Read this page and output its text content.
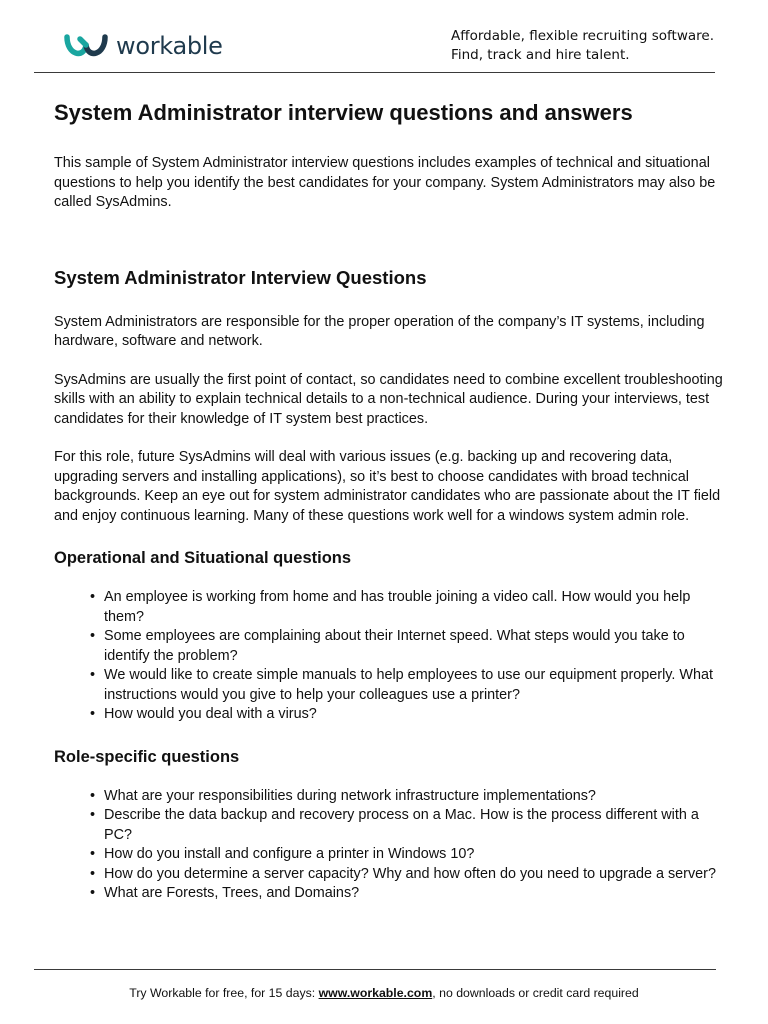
workable	Affordable, flexible recruiting software.
Find, track and hire talent.
System Administrator interview questions and answers

This sample of System Administrator interview questions includes examples of technical and situational questions to help you identify the best candidates for your company. System Administrators may also be called SysAdmins.

System Administrator Interview Questions

System Administrators are responsible for the proper operation of the company’s IT systems, including hardware, software and network.

SysAdmins are usually the first point of contact, so candidates need to combine excellent troubleshooting skills with an ability to explain technical details to a non-technical audience. During your interviews, test candidates for their knowledge of IT system best practices.

For this role, future SysAdmins will deal with various issues (e.g. backing up and recovering data, upgrading servers and installing applications), so it’s best to choose candidates with broad technical backgrounds. Keep an eye out for system administrator candidates who are passionate about the IT field and enjoy continuous learning. Many of these questions work well for a windows system admin role.

Operational and Situational questions
• An employee is working from home and has trouble joining a video call. How would you help them?
• Some employees are complaining about their Internet speed. What steps would you take to identify the problem?
• We would like to create simple manuals to help employees to use our equipment properly. What instructions would you give to help your colleagues use a printer?
• How would you deal with a virus?
Role-specific questions
• What are your responsibilities during network infrastructure implementations?
• Describe the data backup and recovery process on a Mac. How is the process different with a PC?
• How do you install and configure a printer in Windows 10?
• How do you determine a server capacity? Why and how often do you need to upgrade a server?
• What are Forests, Trees, and Domains?
Try Workable for free, for 15 days: www.workable.com, no downloads or credit card required
